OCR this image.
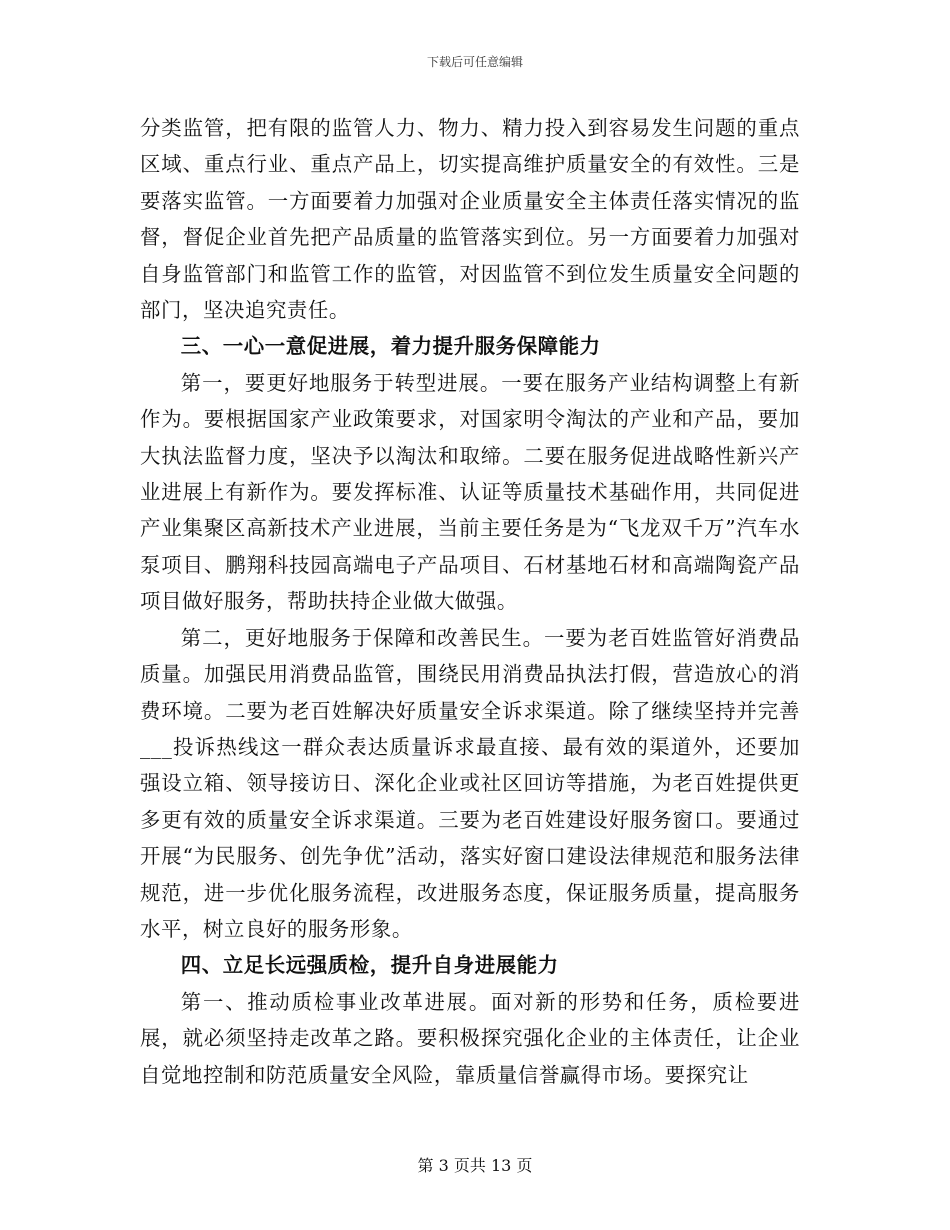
下载后可任意编辑

分类监管，把有限的监管人力、物力、精力投入到容易发生问题的重点区域、重点行业、重点产品上，切实提高维护质量安全的有效性。三是要落实监管。一方面要着力加强对企业质量安全主体责任落实情况的监督，督促企业首先把产品质量的监管落实到位。另一方面要着力加强对自身监管部门和监管工作的监管，对因监管不到位发生质量安全问题的部门，坚决追究责任。

三、一心一意促进展，着力提升服务保障能力

第一，要更好地服务于转型进展。一要在服务产业结构调整上有新作为。要根据国家产业政策要求，对国家明令淘汰的产业和产品，要加大执法监督力度，坚决予以淘汰和取缔。二要在服务促进战略性新兴产业进展上有新作为。要发挥标准、认证等质量技术基础作用，共同促进产业集聚区高新技术产业进展，当前主要任务是为“飞龙双千万”汽车水泵项目、鹏翔科技园高端电子产品项目、石材基地石材和高端陶瓷产品项目做好服务，帮助扶持企业做大做强。

第二，更好地服务于保障和改善民生。一要为老百姓监管好消费品质量。加强民用消费品监管，围绕民用消费品执法打假，营造放心的消费环境。二要为老百姓解决好质量安全诉求渠道。除了继续坚持并完善___投诉热线这一群众表达质量诉求最直接、最有效的渠道外，还要加强设立箱、领导接访日、深化企业或社区回访等措施，为老百姓提供更多更有效的质量安全诉求渠道。三要为老百姓建设好服务窗口。要通过开展“为民服务、创先争优”活动，落实好窗口建设法律规范和服务法律规范，进一步优化服务流程，改进服务态度，保证服务质量，提高服务水平，树立良好的服务形象。

四、立足长远强质检，提升自身进展能力

第一、推动质检事业改革进展。面对新的形势和任务，质检要进展，就必须坚持走改革之路。要积极探究强化企业的主体责任，让企业自觉地控制和防范质量安全风险，靠质量信誉赢得市场。要探究让

第 3 页共 13 页
